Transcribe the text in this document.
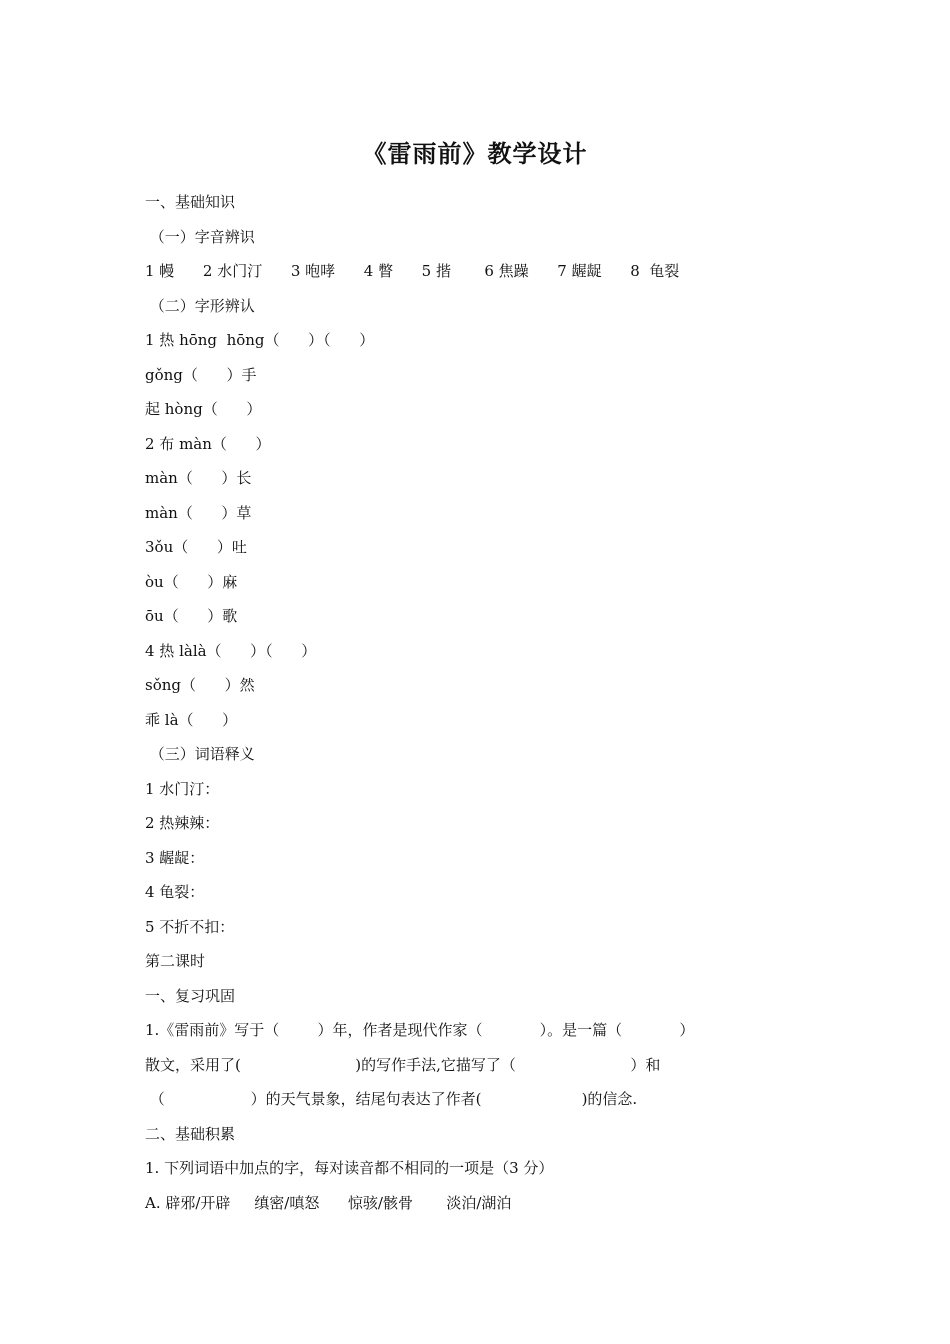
《雷雨前》教学设计
一、基础知识
（一）字音辨识
1 幔      2 水门汀      3 咆哮      4 瞥      5 揩       6 焦躁      7 龌龊      8  龟裂
（二）字形辨认
1 热 hōng  hōng（      ）（      ）
gǒng（      ）手
起 hòng（      ）
2 布 màn（      ）
màn（      ）长
màn（      ）草
3ǒu（      ）吐
òu（      ）麻
ōu（      ）歌
4 热 làlà（      ）（      ）
sǒng（      ）然
乖 là（      ）
（三）词语释义
1 水门汀：
2 热辣辣：
3 龌龊：
4 龟裂：
5 不折不扣：
第二课时
一、复习巩固
1.《雷雨前》写于（        ）年，作者是现代作家（            ）。是一篇（            ）
散文，采用了(                        )的写作手法,它描写了（                        ）和
（                  ）的天气景象，结尾句表达了作者(                     )的信念.
二、基础积累
1. 下列词语中加点的字，每对读音都不相同的一项是（3 分）
A. 辟邪/开辟     缜密/嗔怒      惊骇/骸骨       淡泊/湖泊
